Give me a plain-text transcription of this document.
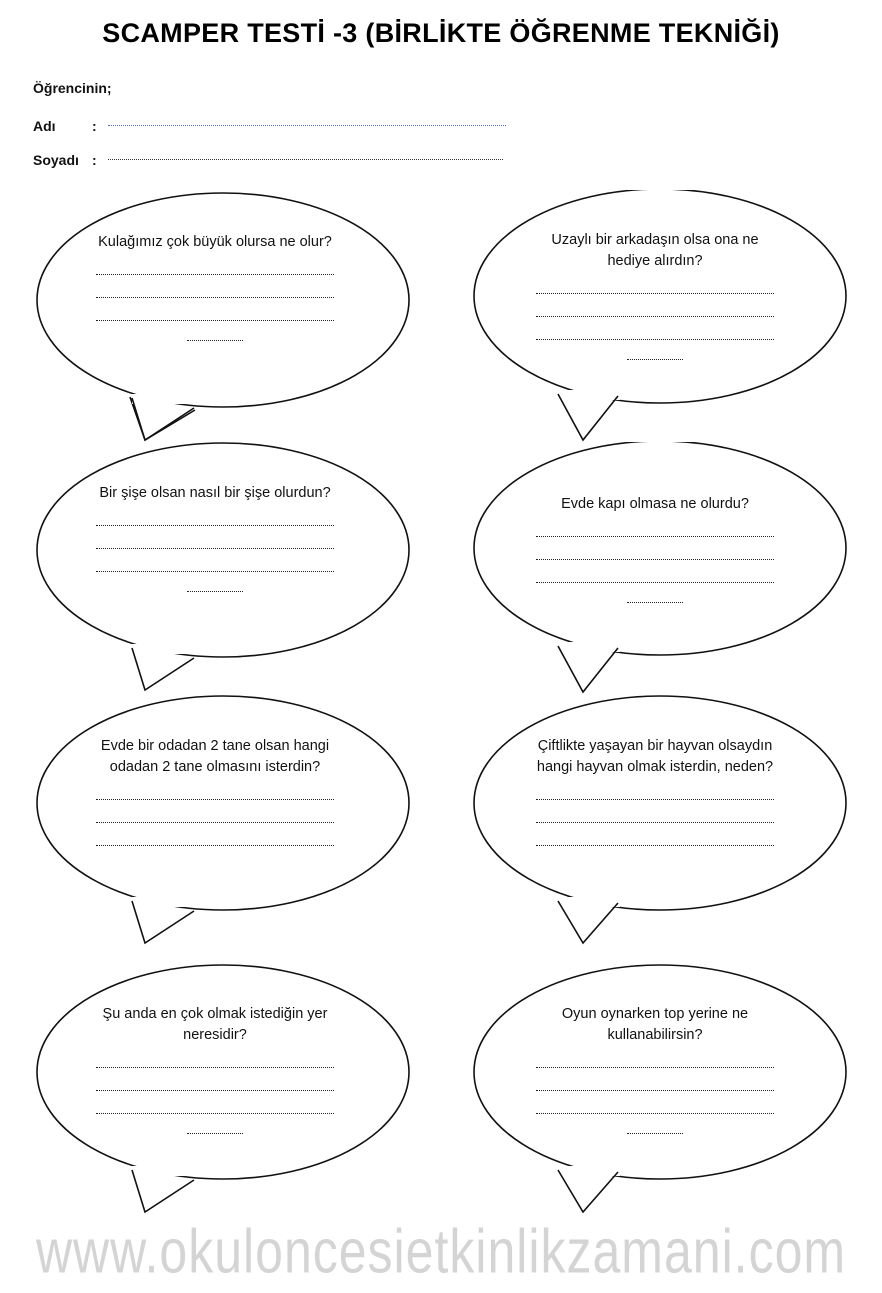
SCAMPER TESTİ -3 (BİRLİKTE ÖĞRENME TEKNİĞİ)
Öğrencinin;
Adı	:
Soyadı :
Kulağımız çok büyük olursa ne olur?	Uzaylı bir arkadaşın olsa ona ne hediye alırdın?
Bir şişe olsan nasıl bir şişe olurdun?
Evde kapı olmasa ne olurdu?
Evde bir odadan 2 tane olsan hangi odadan 2 tane olmasını isterdin?
Çiftlikte yaşayan bir hayvan olsaydın hangi hayvan olmak isterdin, neden?
Şu anda en çok olmak istediğin yer neresidir?
Oyun oynarken top yerine ne kullanabilirsin?
www.okuloncesietkinlikzamani.com
